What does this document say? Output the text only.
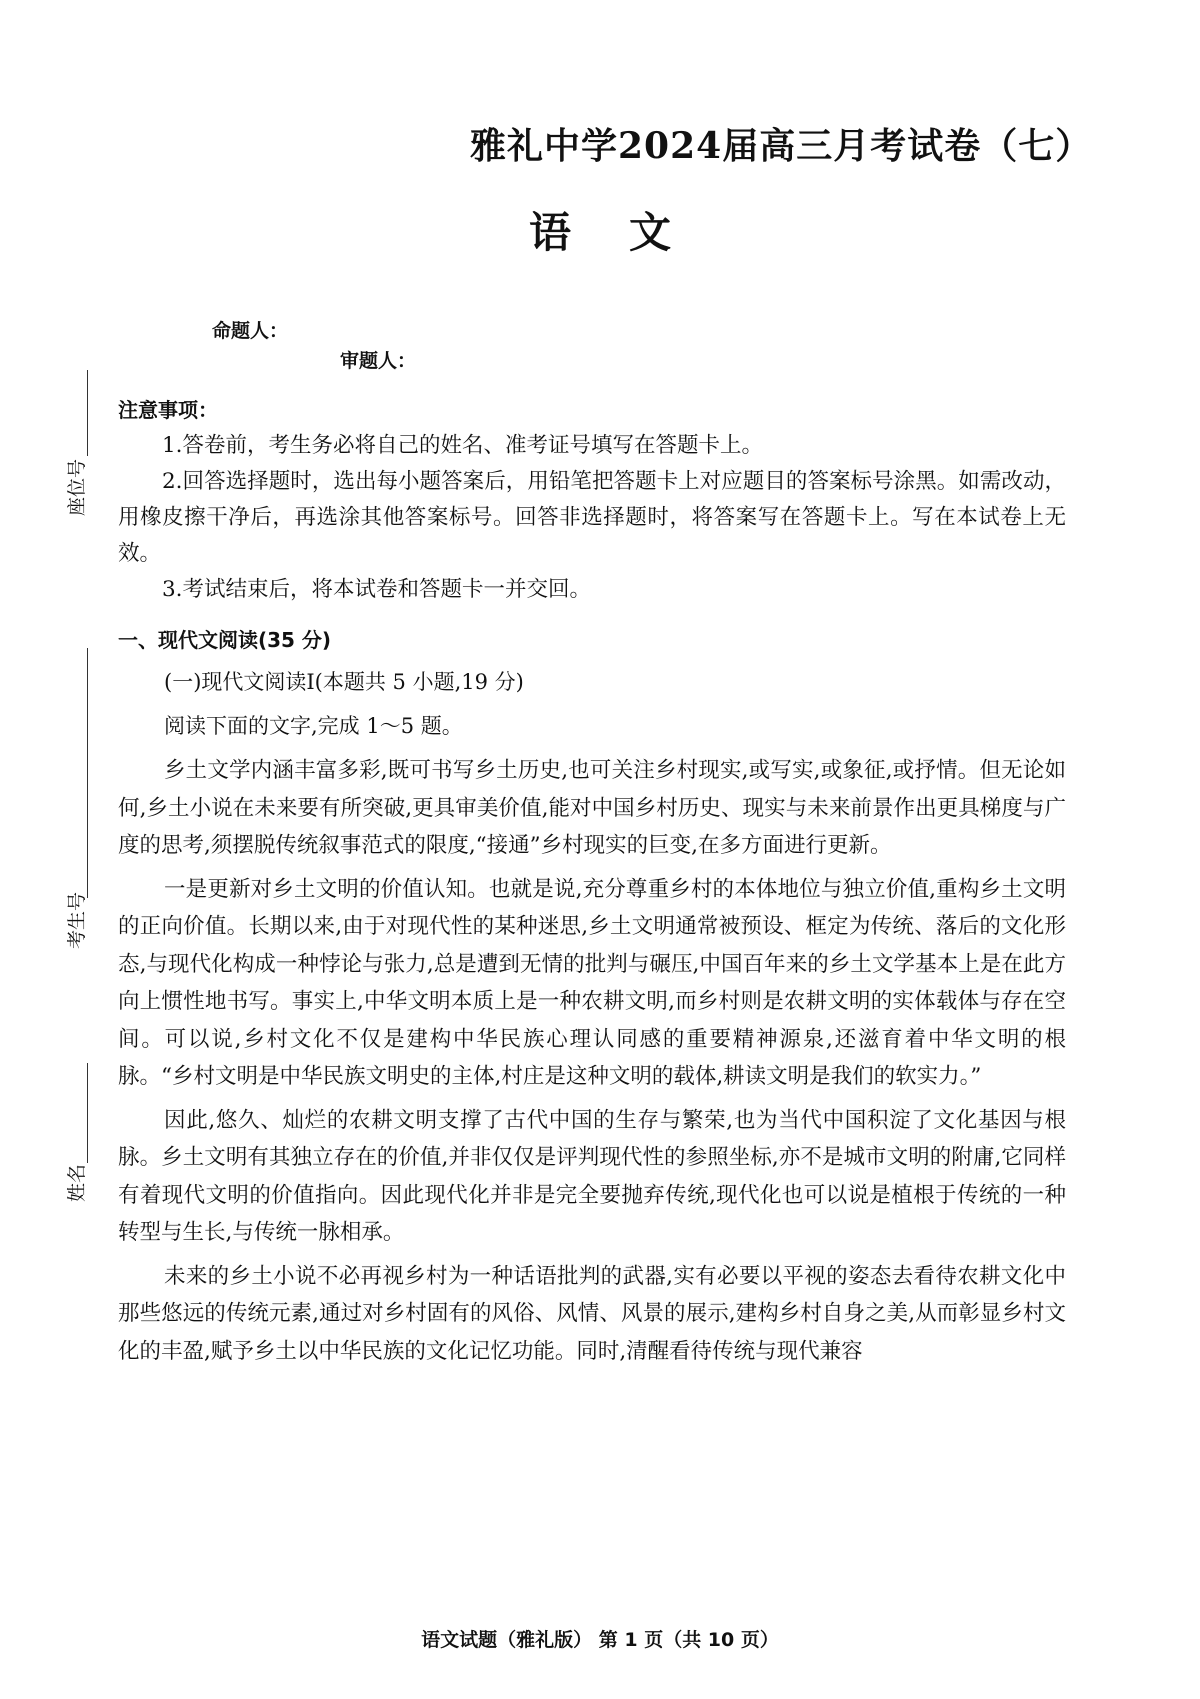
雅礼中学2024届高三月考试卷（七）
语文
命题人：
审题人：
座位号
考生号
姓名
注意事项：

1.答卷前，考生务必将自己的姓名、准考证号填写在答题卡上。

2.回答选择题时，选出每小题答案后，用铅笔把答题卡上对应题目的答案标号涂黑。如需改动，用橡皮擦干净后，再选涂其他答案标号。回答非选择题时，将答案写在答题卡上。写在本试卷上无效。

3.考试结束后，将本试卷和答题卡一并交回。

一、现代文阅读(35 分)
(一)现代文阅读Ⅰ(本题共 5 小题,19 分)
阅读下面的文字,完成 1～5 题。

乡土文学内涵丰富多彩,既可书写乡土历史,也可关注乡村现实,或写实,或象征,或抒情。但无论如何,乡土小说在未来要有所突破,更具审美价值,能对中国乡村历史、现实与未来前景作出更具梯度与广度的思考,须摆脱传统叙事范式的限度,“接通”乡村现实的巨变,在多方面进行更新。

一是更新对乡土文明的价值认知。也就是说,充分尊重乡村的本体地位与独立价值,重构乡土文明的正向价值。长期以来,由于对现代性的某种迷思,乡土文明通常被预设、框定为传统、落后的文化形态,与现代化构成一种悖论与张力,总是遭到无情的批判与碾压,中国百年来的乡土文学基本上是在此方向上惯性地书写。事实上,中华文明本质上是一种农耕文明,而乡村则是农耕文明的实体载体与存在空间。可以说,乡村文化不仅是建构中华民族心理认同感的重要精神源泉,还滋育着中华文明的根脉。“乡村文明是中华民族文明史的主体,村庄是这种文明的载体,耕读文明是我们的软实力。”

因此,悠久、灿烂的农耕文明支撑了古代中国的生存与繁荣,也为当代中国积淀了文化基因与根脉。乡土文明有其独立存在的价值,并非仅仅是评判现代性的参照坐标,亦不是城市文明的附庸,它同样有着现代文明的价值指向。因此现代化并非是完全要抛弃传统,现代化也可以说是植根于传统的一种转型与生长,与传统一脉相承。

未来的乡土小说不必再视乡村为一种话语批判的武器,实有必要以平视的姿态去看待农耕文化中那些悠远的传统元素,通过对乡村固有的风俗、风情、风景的展示,建构乡村自身之美,从而彰显乡村文化的丰盈,赋予乡土以中华民族的文化记忆功能。同时,清醒看待传统与现代兼容

语文试题（雅礼版） 第 1 页（共 10 页）
